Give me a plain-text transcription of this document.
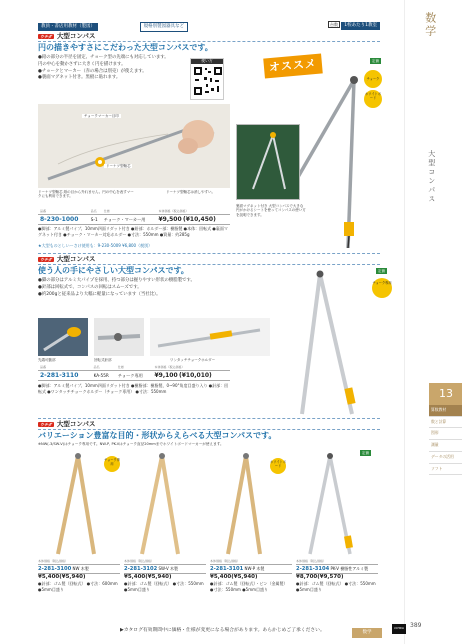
教員・書店用教材（製図）	規格別製図器具など	台数 1校あたり1教室	数学
大型コンパス
13
算数教材
数と計算
図形
測量
データの活用
ソフト
ウチダ 大型コンパス
円の描きやすさにこだわった大型コンパスです。
●鉛の部分の半径を固定、チョーク型の先端にも対応しています。
円の中心を動かさずに大きく円を描けます。
●チョークとマーカー（赤の場合は別売）が使えます。
●裏面マグネット付き。黒板に貼れます。
使い方
チョークマーカー目印
ドーナツ型軸芯
ドーナツ型軸芯 紙の目から外れません。円の中心を表すマークにも利用できます。
ドーナツ型軸芯は消しやすい。
品番	品名	仕様	本体価格（税込価格）
8-230-1000	S-1	チョーク・マーカー用	¥9,500 (¥10,450)
●脚部：アルミ製パイプ、10mm四面リダット付き ●鉛部：ホルダー部：樹脂製 ●本体：回転式 ●裏面マグネット付き ●チョーク・マーカー対応ホルダー ●寸法：550mm ●質量：約285g
★大型ものとしいーさけ使用も：9-230-5009 ¥6,800（税別）
オススメ	定価
チョーク
ホワイトボード
裏面マグネット付き 大型コンパスで大きな円がかけるシートを使ってコンパスの使い方を説明できます。
ウチダ 大型コンパス
使う人の手にやさしい大型コンパスです。
●脚の部分はアルミ大パイプを採用、持つ部分は握りやすい形状の樹脂製です。
●針部は回転式で、コンパスの回転はスムーズです。
●約200gと従来品より大幅に軽量になっています（当社比）。
先端可動部	回転式針部	ワンタッチチョークホルダー
品番	品名	仕様	本体価格（税込価格）
2-281-3110	KA-55R	チョーク専用	¥9,100 (¥10,010)
●脚部：アルミ製パイプ、10mm四面リダット付き ●樹脂部：樹脂製、0~90°角度目盛り入り ●針部：回転式 ●ワンタッチチョークホルダー（チョーク専用） ●寸法：550mm
定価
チョーク専用
ウチダ 大型コンパス
バリエーション豊富な目的・形状からえらべる大型コンパスです。
※NW(-3/SW-V)はチョーク専用です。NW-P, PK-Vはチョーク直径20mmまでホワイトボードマーカーが使えます。
チョーク専用	ホワイトボード
定価
本体価格（税込価格）
2-281-3100 NW 木製
¥5,400(¥5,940)
●針部：ゴム製（回転式） ●寸法：600mm ●5mm目盛り
本体価格（税込価格）
2-281-3102 SW-V 木製
¥5,400(¥5,940)
●針部：ゴム製（回転式） ●寸法：550mm ●5mm目盛り
本体価格（税込価格）
2-281-3101 NW-P 木製
¥5,400(¥5,940)
●針部：ゴム製（回転式）・ピン（金属製） ●寸法：550mm ●5mm目盛り
本体価格（税込価格）
2-281-3104 PK-V 樹脂性アルミ製
¥8,700(¥9,570)
●針部：ゴム製（回転式） ●寸法：550mm ●5mm目盛り
▶カタログ有効期間中に価格・仕様が変更になる場合があります。あらかじめご了承ください。	UCHIDA
数学
389
